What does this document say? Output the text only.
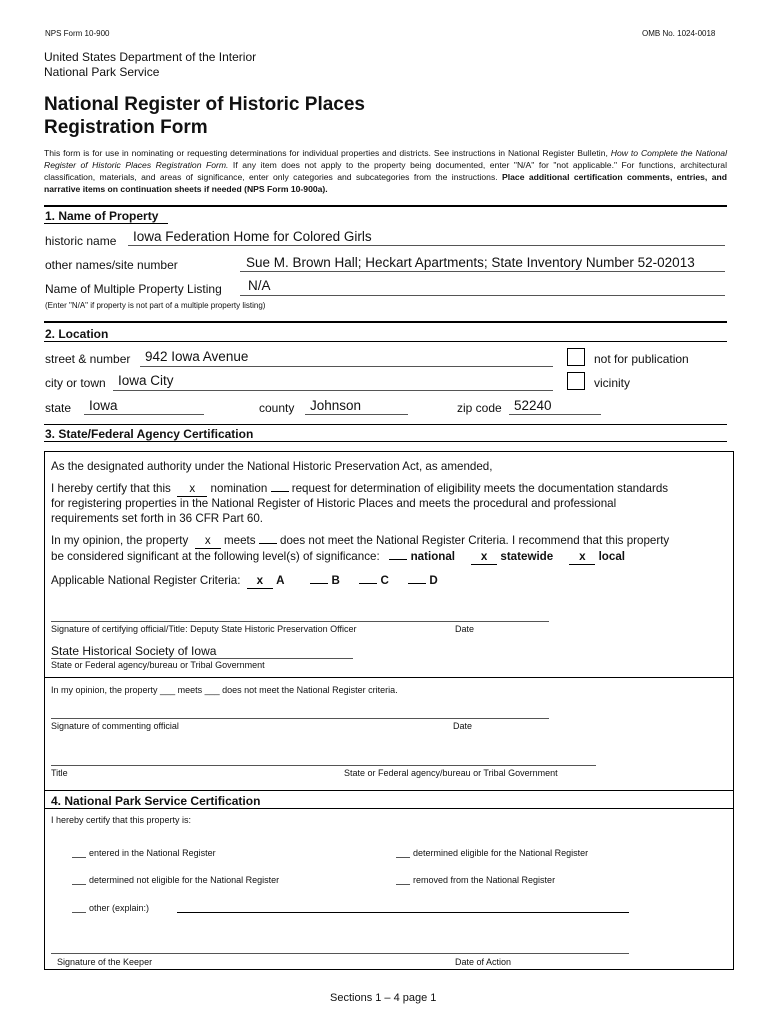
NPS Form 10-900	OMB No. 1024-0018
United States Department of the Interior
National Park Service
National Register of Historic Places
Registration Form
This form is for use in nominating or requesting determinations for individual properties and districts. See instructions in National Register Bulletin, How to Complete the National Register of Historic Places Registration Form. If any item does not apply to the property being documented, enter "N/A" for "not applicable." For functions, architectural classification, materials, and areas of significance, enter only categories and subcategories from the instructions. Place additional certification comments, entries, and narrative items on continuation sheets if needed (NPS Form 10-900a).
1. Name of Property
historic name Iowa Federation Home for Colored Girls
other names/site number	Sue M. Brown Hall; Heckart Apartments; State Inventory Number 52-02013
Name of Multiple Property Listing N/A
(Enter "N/A" if property is not part of a multiple property listing)
2. Location
street & number 942 Iowa Avenue	not for publication
city or town Iowa City	vicinity
state Iowa	county Johnson	zip code 52240
3. State/Federal Agency Certification
As the designated authority under the National Historic Preservation Act, as amended,
I hereby certify that this x nomination request for determination of eligibility meets the documentation standards
for registering properties in the National Register of Historic Places and meets the procedural and professional
requirements set forth in 36 CFR Part 60.
In my opinion, the property x meets does not meet the National Register Criteria. I recommend that this property
be considered significant at the following level(s) of significance:	national x statewide x local
Applicable National Register Criteria: x A	B	C	D
Signature of certifying official/Title: Deputy State Historic Preservation Officer	Date
State Historical Society of Iowa
State or Federal agency/bureau or Tribal Government
In my opinion, the property ___ meets ___ does not meet the National Register criteria.
Signature of commenting official	Date
Title	State or Federal agency/bureau or Tribal Government
4. National Park Service Certification
I hereby certify that this property is:
entered in the National Register	determined eligible for the National Register
determined not eligible for the National Register	removed from the National Register
other (explain:)
Signature of the Keeper	Date of Action
Sections 1 – 4 page 1
